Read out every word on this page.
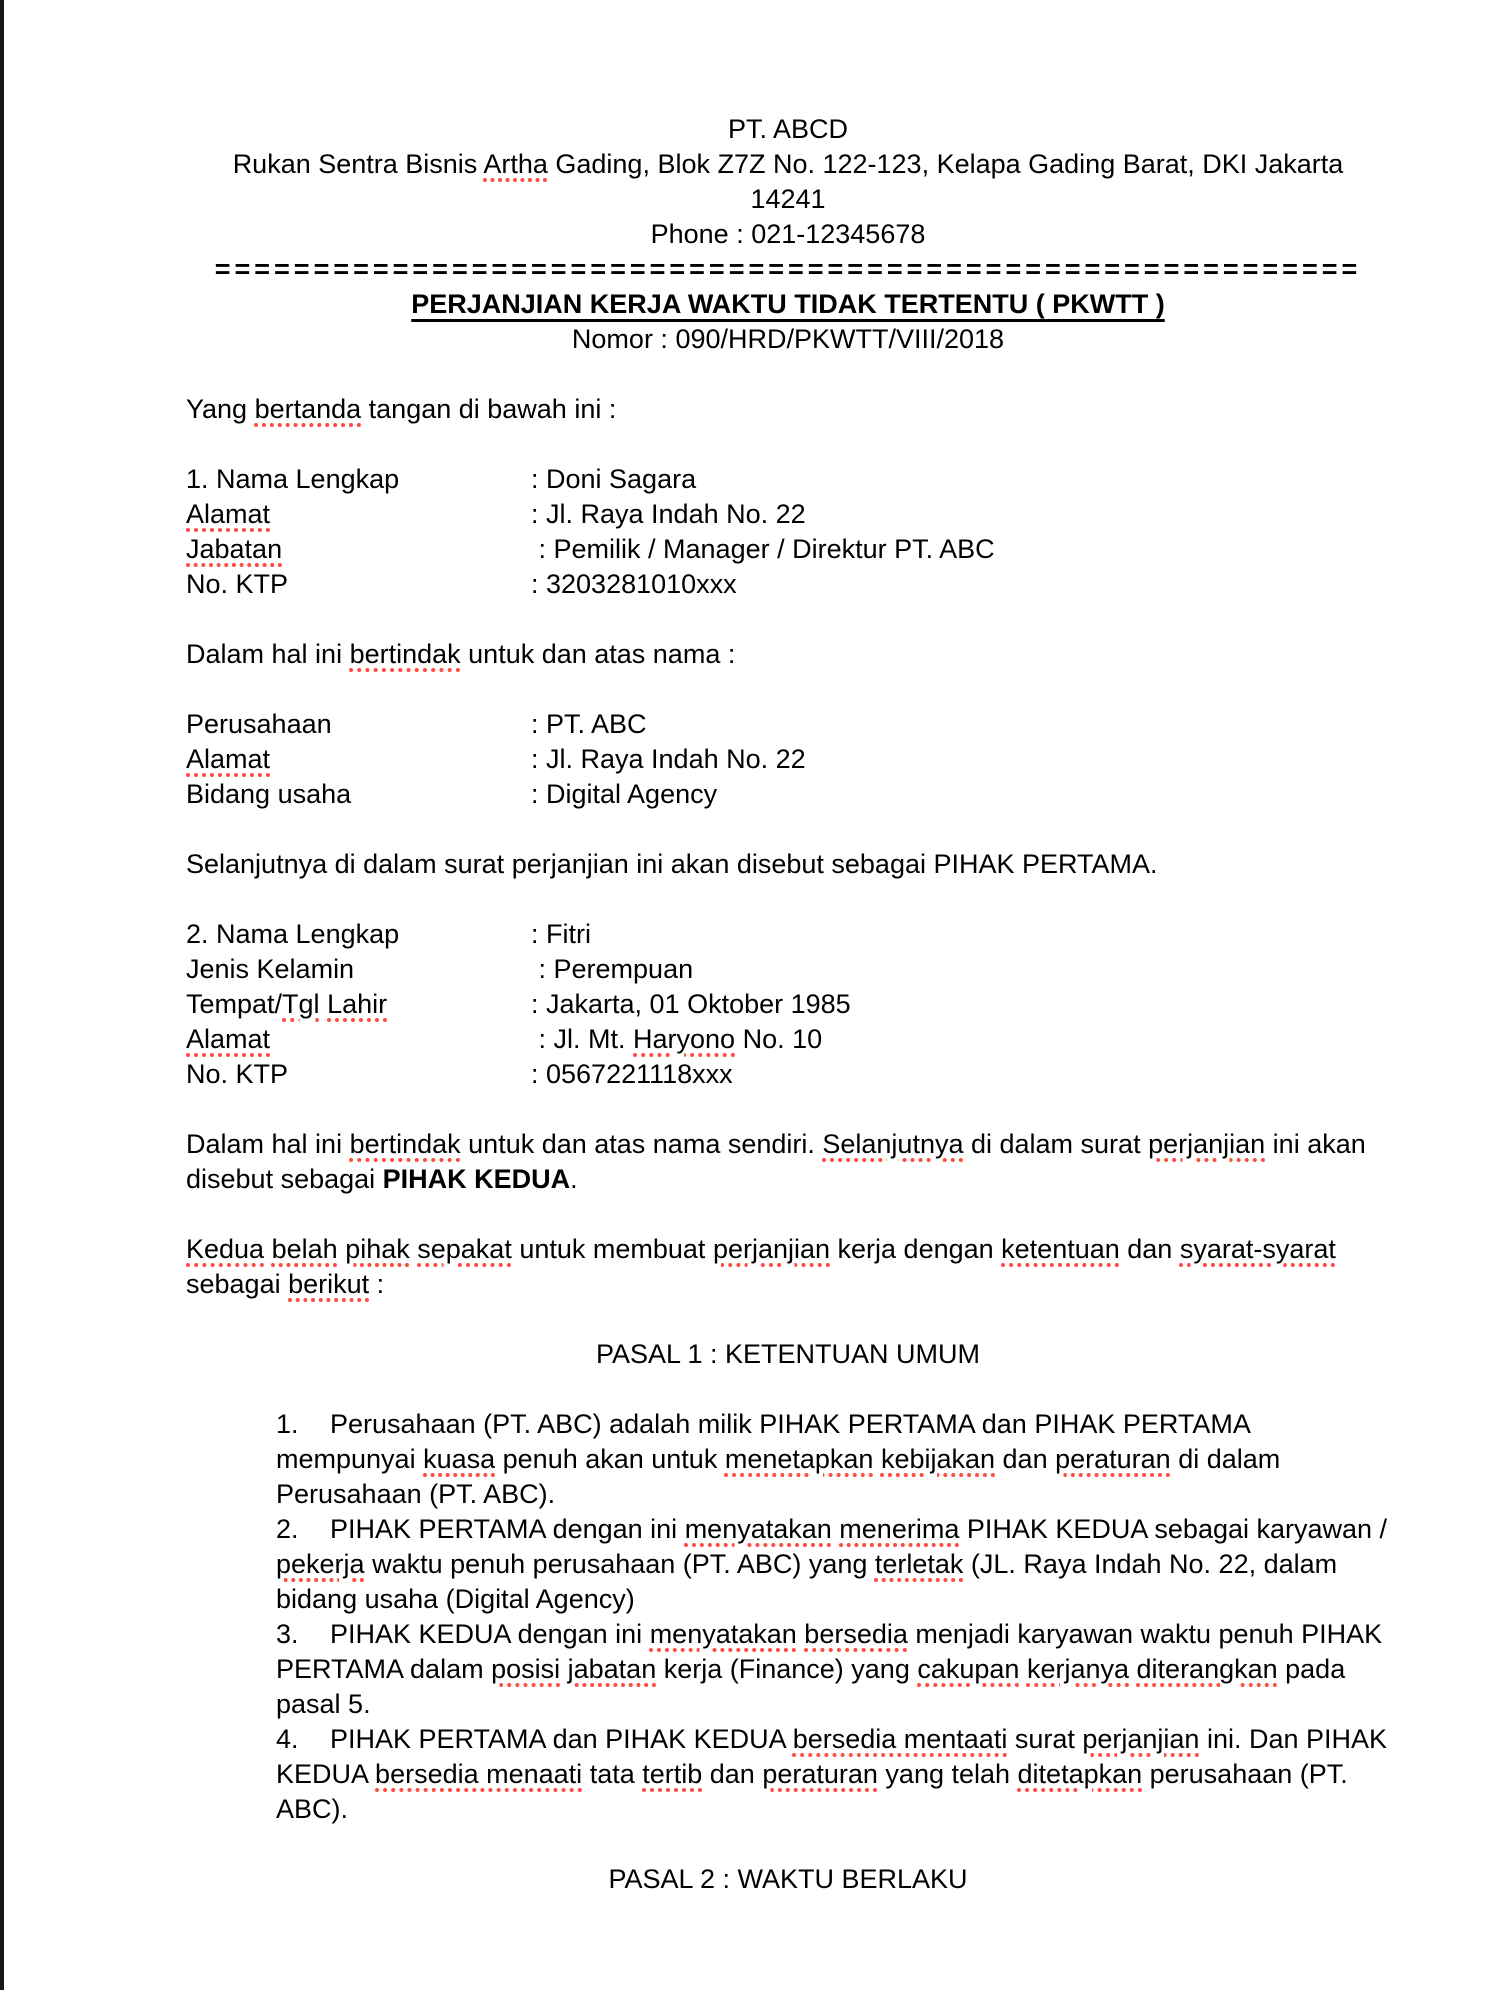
PT. ABCD
Rukan Sentra Bisnis Artha Gading, Blok Z7Z No. 122-123, Kelapa Gading Barat, DKI Jakarta
14241
Phone : 021-12345678
==========================================================
PERJANJIAN KERJA WAKTU TIDAK TERTENTU ( PKWTT )
Nomor : 090/HRD/PKWTT/VIII/2018
Yang bertanda tangan di bawah ini :
1. Nama Lengkap	: Doni Sagara
Alamat	: Jl. Raya Indah No. 22
Jabatan	: Pemilik / Manager / Direktur PT. ABC
No. KTP	: 3203281010xxx
Dalam hal ini bertindak untuk dan atas nama :
Perusahaan	: PT. ABC
Alamat	: Jl. Raya Indah No. 22
Bidang usaha	: Digital Agency
Selanjutnya di dalam surat perjanjian ini akan disebut sebagai PIHAK PERTAMA.
2. Nama Lengkap	: Fitri
Jenis Kelamin	: Perempuan
Tempat/Tgl Lahir	: Jakarta, 01 Oktober 1985
Alamat	: Jl. Mt. Haryono No. 10
No. KTP	: 0567221118xxx
Dalam hal ini bertindak untuk dan atas nama sendiri. Selanjutnya di dalam surat perjanjian ini akan disebut sebagai PIHAK KEDUA.
Kedua belah pihak sepakat untuk membuat perjanjian kerja dengan ketentuan dan syarat-syarat sebagai berikut :
PASAL 1 : KETENTUAN UMUM
1. Perusahaan (PT. ABC) adalah milik PIHAK PERTAMA dan PIHAK PERTAMA mempunyai kuasa penuh akan untuk menetapkan kebijakan dan peraturan di dalam Perusahaan (PT. ABC).
2. PIHAK PERTAMA dengan ini menyatakan menerima PIHAK KEDUA sebagai karyawan / pekerja waktu penuh perusahaan (PT. ABC) yang terletak (JL. Raya Indah No. 22, dalam bidang usaha (Digital Agency)
3. PIHAK KEDUA dengan ini menyatakan bersedia menjadi karyawan waktu penuh PIHAK PERTAMA dalam posisi jabatan kerja (Finance) yang cakupan kerjanya diterangkan pada pasal 5.
4. PIHAK PERTAMA dan PIHAK KEDUA bersedia mentaati surat perjanjian ini. Dan PIHAK KEDUA bersedia menaati tata tertib dan peraturan yang telah ditetapkan perusahaan (PT. ABC).
PASAL 2 : WAKTU BERLAKU
